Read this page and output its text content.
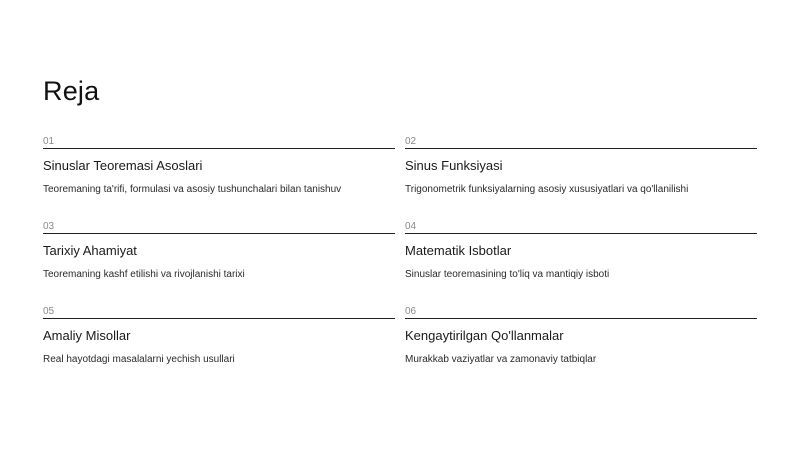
Reja
01
Sinuslar Teoremasi Asoslari
Teoremaning ta'rifi, formulasi va asosiy tushunchalari bilan tanishuv
02
Sinus Funksiyasi
Trigonometrik funksiyalarning asosiy xususiyatlari va qo'llanilishi
03
Tarixiy Ahamiyat
Teoremaning kashf etilishi va rivojlanishi tarixi
04
Matematik Isbotlar
Sinuslar teoremasining to'liq va mantiqiy isboti
05
Amaliy Misollar
Real hayotdagi masalalarni yechish usullari
06
Kengaytirilgan Qo'llanmalar
Murakkab vaziyatlar va zamonaviy tatbiqlar
